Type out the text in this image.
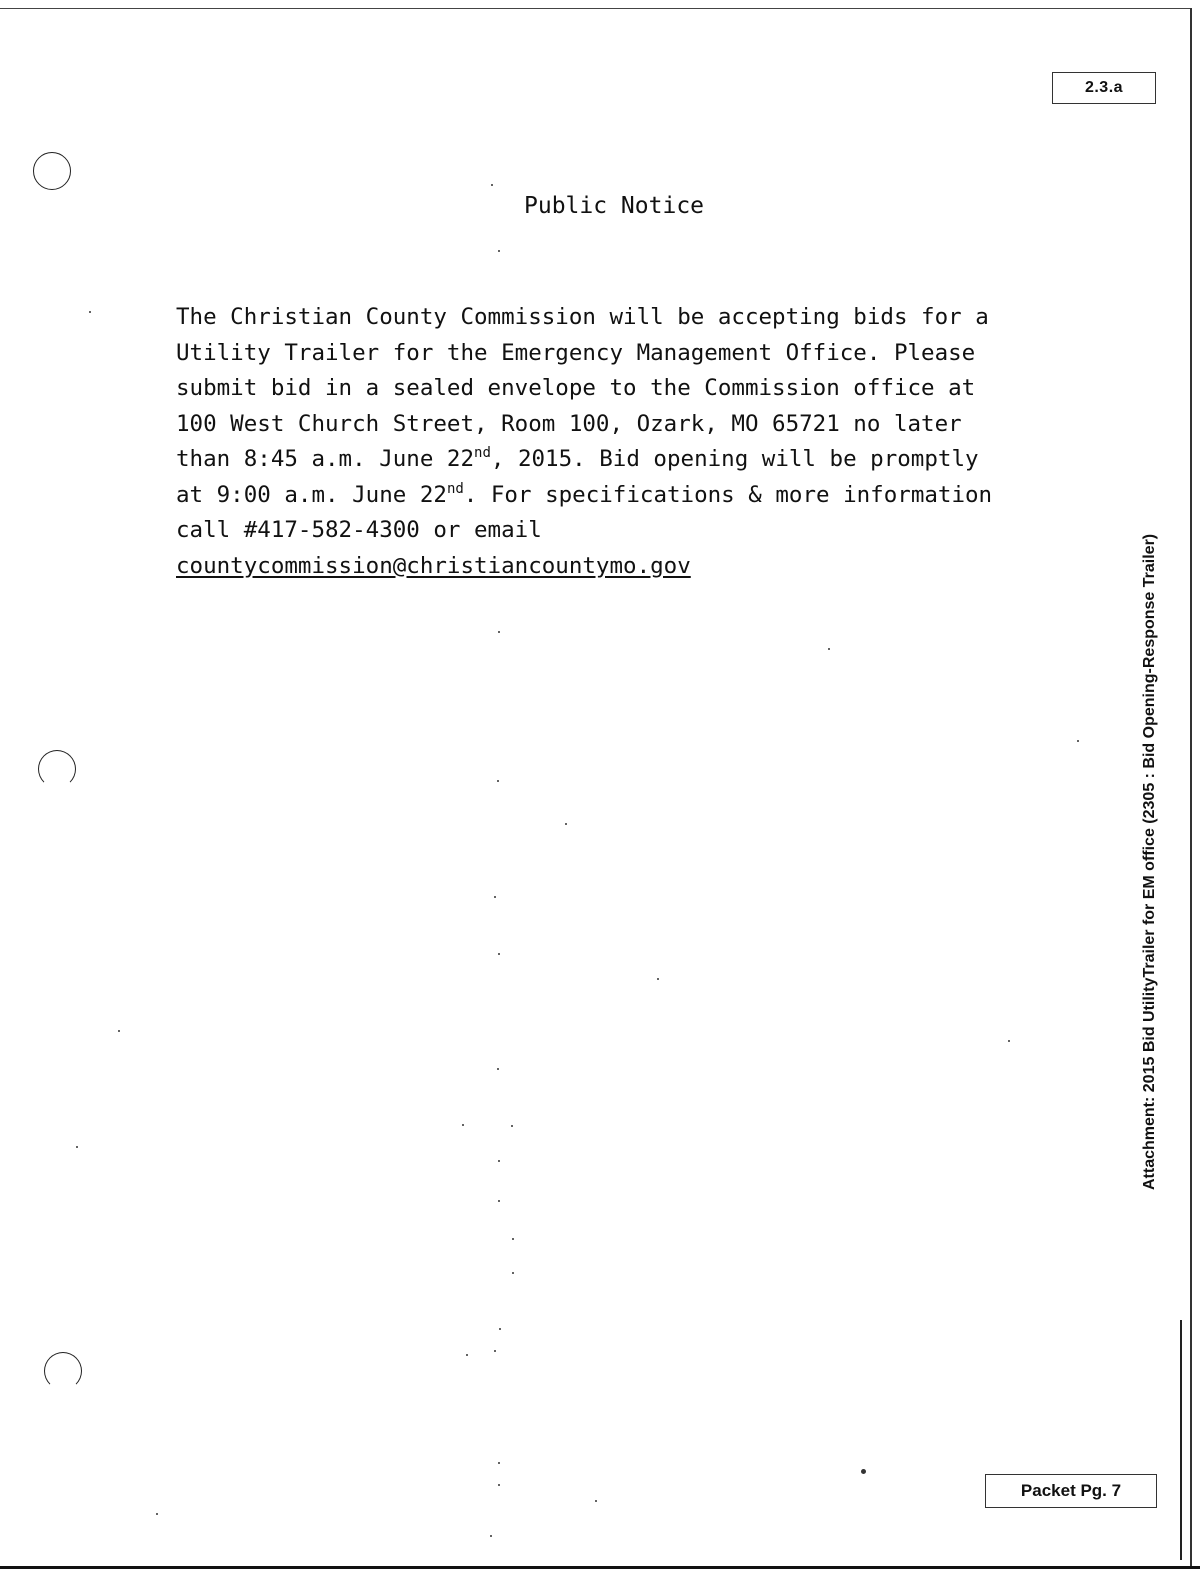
2.3.a
Public Notice
The Christian County Commission will be accepting bids for a
Utility Trailer for the Emergency Management Office. Please
submit bid in a sealed envelope to the Commission office at
100 West Church Street, Room 100, Ozark, MO 65721 no later
than 8:45 a.m. June 22nd, 2015. Bid opening will be promptly
at 9:00 a.m. June 22nd. For specifications & more information
call #417-582-4300 or email
countycommission@christiancountymo.gov	Attachment: 2015 Bid UtilityTrailer for EM office (2305 : Bid Opening-Response Trailer)
Packet Pg. 7
